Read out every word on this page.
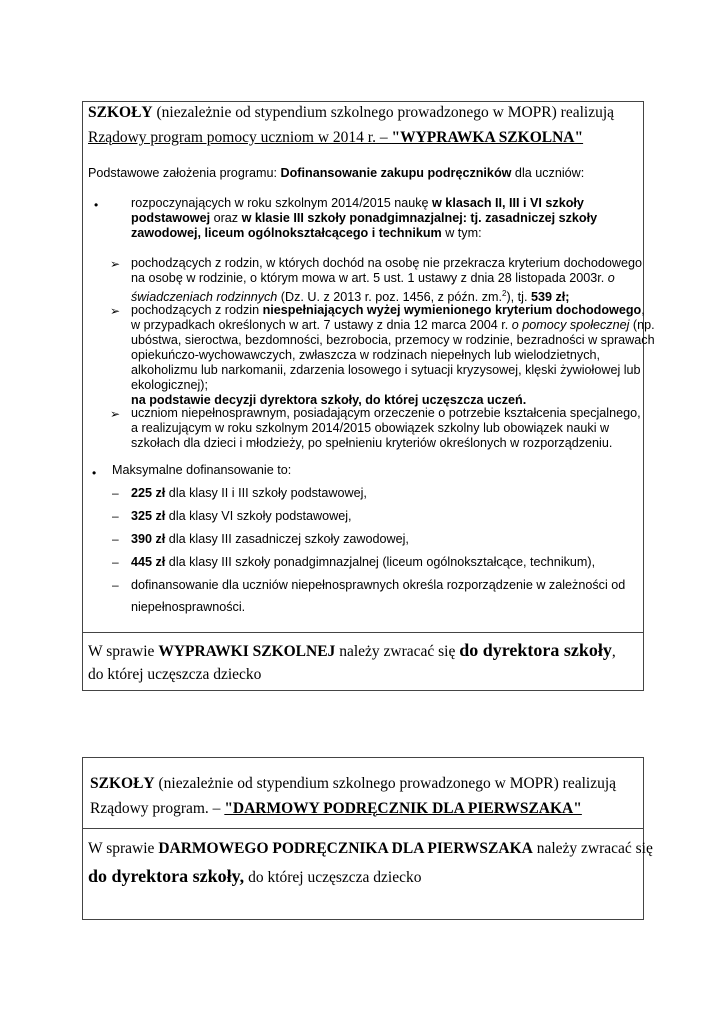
SZKOŁY (niezależnie od stypendium szkolnego prowadzonego w MOPR) realizują
Rządowy program pomocy uczniom w 2014 r. – "WYPRAWKA SZKOLNA"
Podstawowe założenia programu: Dofinansowanie zakupu podręczników dla uczniów:
•	rozpoczynających w roku szkolnym 2014/2015 naukę w klasach II, III i VI szkoły
podstawowej oraz w klasie III szkoły ponadgimnazjalnej: tj. zasadniczej szkoły
zawodowej, liceum ogólnokształcącego i technikum w tym:
➢ pochodzących z rodzin, w których dochód na osobę nie przekracza kryterium dochodowego
na osobę w rodzinie, o którym mowa w art. 5 ust. 1 ustawy z dnia 28 listopada 2003r. o
świadczeniach rodzinnych (Dz. U. z 2013 r. poz. 1456, z późn. zm.$^2$), tj. 539 zł;
➢ pochodzących z rodzin niespełniających wyżej wymienionego kryterium dochodowego,
w przypadkach określonych w art. 7 ustawy z dnia 12 marca 2004 r. o pomocy społecznej (np.
ubóstwa, sieroctwa, bezdomności, bezrobocia, przemocy w rodzinie, bezradności w sprawach
opiekuńczo-wychowawczych, zwłaszcza w rodzinach niepełnych lub wielodzietnych,
alkoholizmu lub narkomanii, zdarzenia losowego i sytuacji kryzysowej, klęski żywiołowej lub
ekologicznej);
na podstawie decyzji dyrektora szkoły, do której uczęszcza uczeń.
➢ uczniom niepełnosprawnym, posiadającym orzeczenie o potrzebie kształcenia specjalnego,
a realizującym w roku szkolnym 2014/2015 obowiązek szkolny lub obowiązek nauki w
szkołach dla dzieci i młodzieży, po spełnieniu kryteriów określonych w rozporządzeniu.
• Maksymalne dofinansowanie to:
– 225 zł dla klasy II i III szkoły podstawowej,
– 325 zł dla klasy VI szkoły podstawowej,
– 390 zł dla klasy III zasadniczej szkoły zawodowej,
– 445 zł dla klasy III szkoły ponadgimnazjalnej (liceum ogólnokształcące, technikum),
– dofinansowanie dla uczniów niepełnosprawnych określa rozporządzenie w zależności od
niepełnosprawności.
W sprawie WYPRAWKI SZKOLNEJ należy zwracać się do dyrektora szkoły,
do której uczęszcza dziecko
SZKOŁY (niezależnie od stypendium szkolnego prowadzonego w MOPR) realizują
Rządowy program. – "DARMOWY PODRĘCZNIK DLA PIERWSZAKA"
W sprawie DARMOWEGO PODRĘCZNIKA DLA PIERWSZAKA należy zwracać się
do dyrektora szkoły, do której uczęszcza dziecko
